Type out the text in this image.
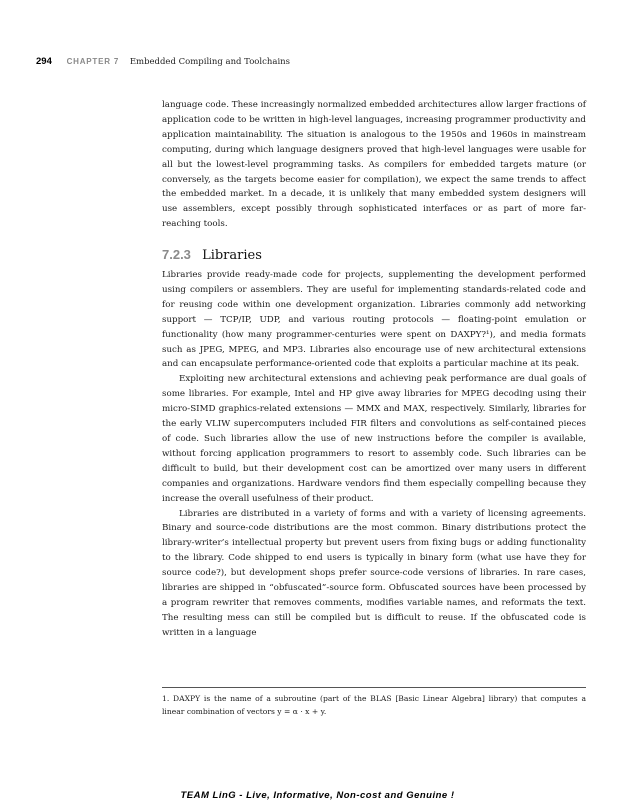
294 CHAPTER 7 Embedded Compiling and Toolchains

language code. These increasingly normalized embedded architectures allow larger fractions of application code to be written in high-level languages, increasing programmer productivity and application maintainability. The situation is analogous to the 1950s and 1960s in mainstream computing, during which language designers proved that high-level languages were usable for all but the lowest-level programming tasks. As compilers for embedded targets mature (or conversely, as the targets become easier for compilation), we expect the same trends to affect the embedded market. In a decade, it is unlikely that many embedded system designers will use assemblers, except possibly through sophisticated interfaces or as part of more far-reaching tools.

7.2.3 Libraries

Libraries provide ready-made code for projects, supplementing the development performed using compilers or assemblers. They are useful for implementing standards-related code and for reusing code within one development organization. Libraries commonly add networking support — TCP/IP, UDP, and various routing protocols — floating-point emulation or functionality (how many programmer-centuries were spent on DAXPY?¹), and media formats such as JPEG, MPEG, and MP3. Libraries also encourage use of new architectural extensions and can encapsulate performance-oriented code that exploits a particular machine at its peak.

Exploiting new architectural extensions and achieving peak performance are dual goals of some libraries. For example, Intel and HP give away libraries for MPEG decoding using their micro-SIMD graphics-related extensions — MMX and MAX, respectively. Similarly, libraries for the early VLIW supercomputers included FIR filters and convolutions as self-contained pieces of code. Such libraries allow the use of new instructions before the compiler is available, without forcing application programmers to resort to assembly code. Such libraries can be difficult to build, but their development cost can be amortized over many users in different companies and organizations. Hardware vendors find them especially compelling because they increase the overall usefulness of their product.

Libraries are distributed in a variety of forms and with a variety of licensing agreements. Binary and source-code distributions are the most common. Binary distributions protect the library-writer’s intellectual property but prevent users from fixing bugs or adding functionality to the library. Code shipped to end users is typically in binary form (what use have they for source code?), but development shops prefer source-code versions of libraries. In rare cases, libraries are shipped in “obfuscated”-source form. Obfuscated sources have been processed by a program rewriter that removes comments, modifies variable names, and reformats the text. The resulting mess can still be compiled but is difficult to reuse. If the obfuscated code is written in a language

1. DAXPY is the name of a subroutine (part of the BLAS [Basic Linear Algebra] library) that computes a linear combination of vectors y = α · x + y.
TEAM LinG - Live, Informative, Non-cost and Genuine !
